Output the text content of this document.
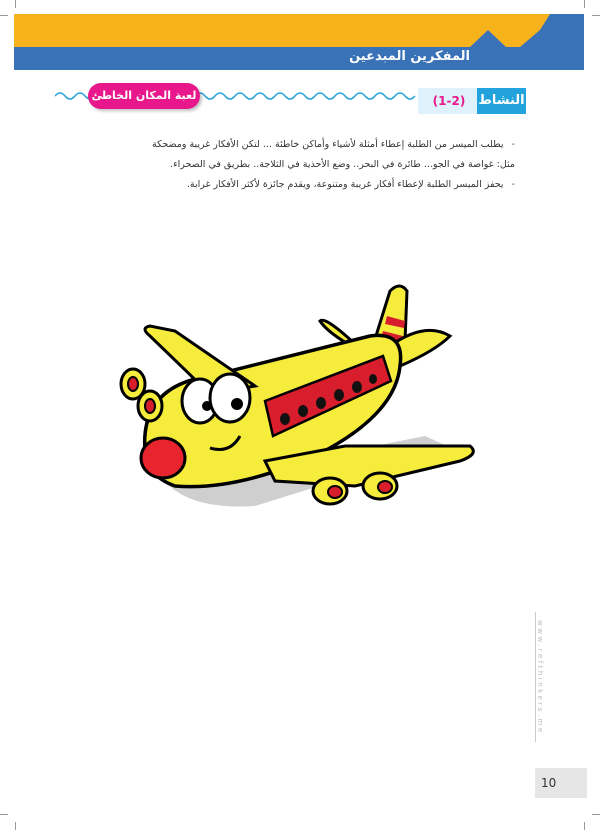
المفكرين المبدعين
النشاط
(1-2)
لعبة المكان الخاطئ

-يطلب الميسر من الطلبة إعطاء أمثلة لأشياء وأماكن خاطئة ... لتكن الأفكار غريبة ومضحكة

مثل: غواصة في الجو... طائرة في البحر.. وضع الأحذية في الثلاجة.. بطريق في الصحراء.

-يحفز الميسر الطلبة لإعطاء أفكار غريبة ومتنوعة، ويقدم جائزة لأكثر الأفكار غرابة.

www.refthinkers.me
10
